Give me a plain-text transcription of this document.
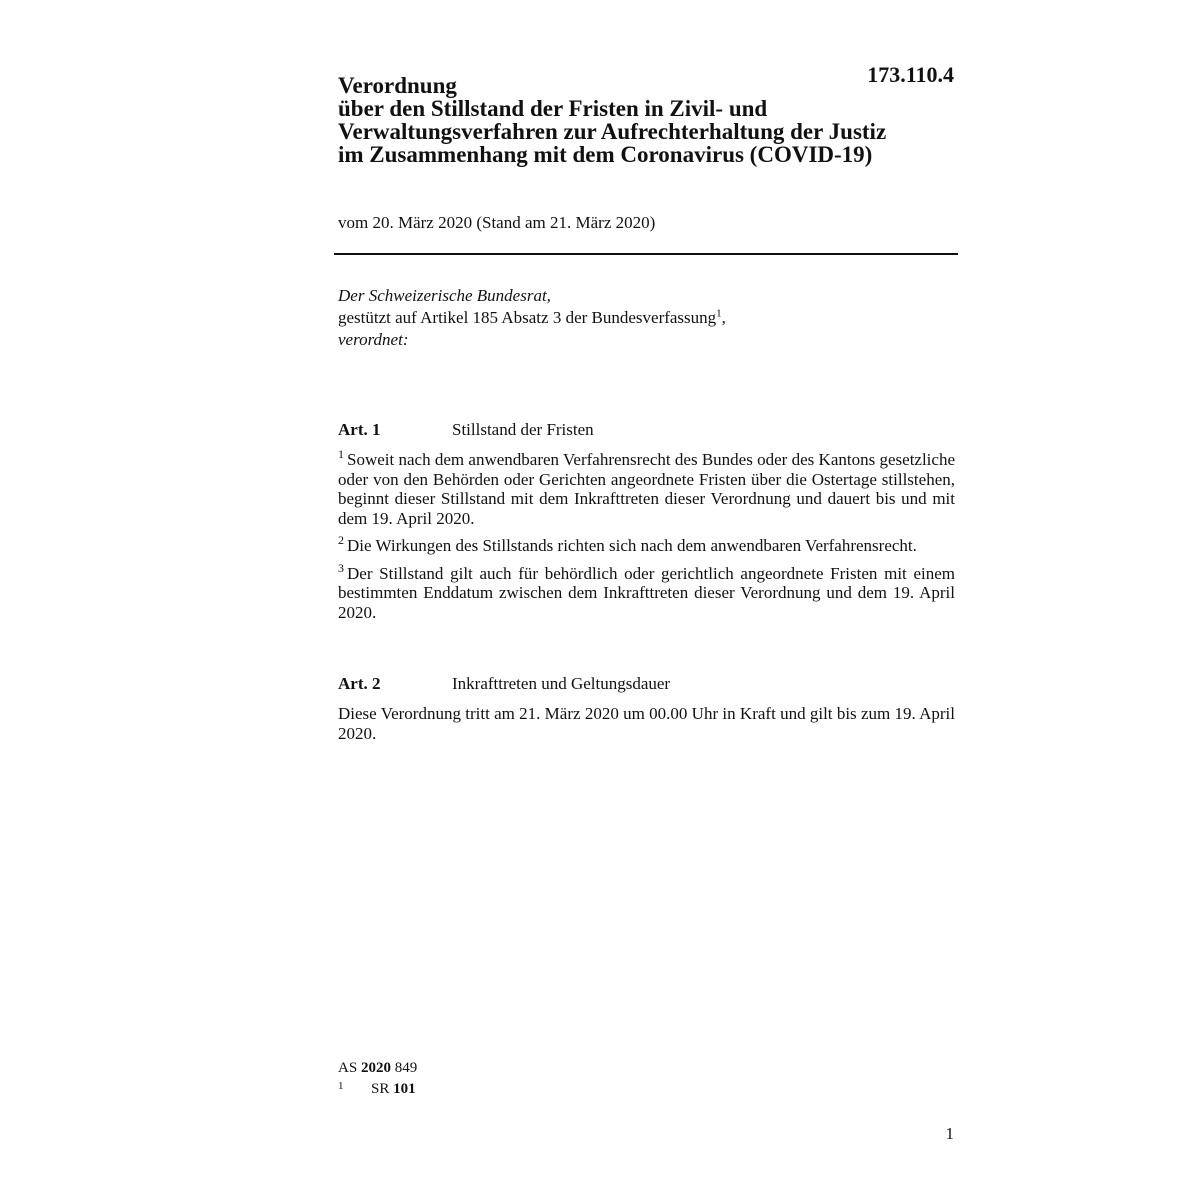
173.110.4
Verordnung
über den Stillstand der Fristen in Zivil- und
Verwaltungsverfahren zur Aufrechterhaltung der Justiz
im Zusammenhang mit dem Coronavirus (COVID-19)
vom 20. März 2020 (Stand am 21. März 2020)
Der Schweizerische Bundesrat,
gestützt auf Artikel 185 Absatz 3 der Bundesverfassung$^1$,
verordnet:
Art. 1	Stillstand der Fristen

$^1$ Soweit nach dem anwendbaren Verfahrensrecht des Bundes oder des Kantons gesetzliche oder von den Behörden oder Gerichten angeordnete Fristen über die Ostertage stillstehen, beginnt dieser Stillstand mit dem Inkrafttreten dieser Verordnung und dauert bis und mit dem 19. April 2020.

$^2$ Die Wirkungen des Stillstands richten sich nach dem anwendbaren Verfahrensrecht.

$^3$ Der Stillstand gilt auch für behördlich oder gerichtlich angeordnete Fristen mit einem bestimmten Enddatum zwischen dem Inkrafttreten dieser Verordnung und dem 19. April 2020.

Art. 2	Inkrafttreten und Geltungsdauer

Diese Verordnung tritt am 21. März 2020 um 00.00 Uhr in Kraft und gilt bis zum 19. April 2020.

AS 2020 849
1	SR 101
1
